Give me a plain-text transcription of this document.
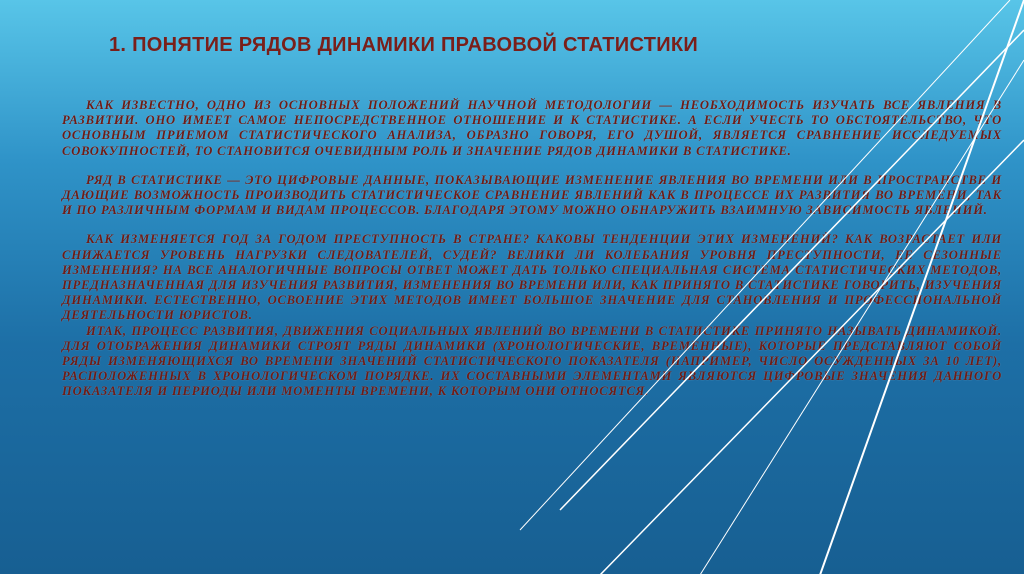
1. ПОНЯТИЕ РЯДОВ ДИНАМИКИ ПРАВОВОЙ СТАТИСТИКИ

КАК ИЗВЕСТНО, ОДНО ИЗ ОСНОВНЫХ ПОЛОЖЕНИЙ НАУЧНОЙ МЕТОДОЛОГИИ — НЕОБХОДИМОСТЬ ИЗУЧАТЬ ВСЕ ЯВЛЕНИЯ В РАЗВИТИИ. ОНО ИМЕЕТ САМОЕ НЕПОСРЕДСТВЕННОЕ ОТНОШЕНИЕ И К СТАТИСТИКЕ. А ЕСЛИ УЧЕСТЬ ТО ОБСТОЯТЕЛЬСТВО, ЧТО ОСНОВНЫМ ПРИЕМОМ СТАТИСТИЧЕСКОГО АНАЛИЗА, ОБРАЗНО ГОВОРЯ, ЕГО ДУШОЙ, ЯВЛЯЕТСЯ СРАВНЕНИЕ ИССЛЕДУЕМЫХ СОВОКУПНОСТЕЙ, ТО СТАНОВИТСЯ ОЧЕВИДНЫМ РОЛЬ И ЗНАЧЕНИЕ РЯДОВ ДИНАМИКИ В СТАТИСТИКЕ.

РЯД В СТАТИСТИКЕ — ЭТО ЦИФРОВЫЕ ДАННЫЕ, ПОКАЗЫВАЮЩИЕ ИЗМЕНЕНИЕ ЯВЛЕНИЯ ВО ВРЕМЕНИ ИЛИ В ПРОСТРАНСТВЕ И ДАЮЩИЕ ВОЗМОЖНОСТЬ ПРОИЗВОДИТЬ СТАТИСТИЧЕСКОЕ СРАВНЕНИЕ ЯВЛЕНИЙ КАК В ПРОЦЕССЕ ИХ РАЗВИТИЯ ВО ВРЕМЕНИ, ТАК И ПО РАЗЛИЧНЫМ ФОРМАМ И ВИДАМ ПРОЦЕССОВ. БЛАГОДАРЯ ЭТОМУ МОЖНО ОБНАРУЖИТЬ ВЗАИМНУЮ ЗАВИСИМОСТЬ ЯВЛЕНИЙ.

КАК ИЗМЕНЯЕТСЯ ГОД ЗА ГОДОМ ПРЕСТУПНОСТЬ В СТРАНЕ? КАКОВЫ ТЕНДЕНЦИИ ЭТИХ ИЗМЕНЕНИЙ? КАК ВОЗРАСТАЕТ ИЛИ СНИЖАЕТСЯ УРОВЕНЬ НАГРУЗКИ СЛЕДОВАТЕЛЕЙ, СУДЕЙ? ВЕЛИКИ ЛИ КОЛЕБАНИЯ УРОВНЯ ПРЕСТУПНОСТИ, ЕЕ СЕЗОННЫЕ ИЗМЕНЕНИЯ? НА ВСЕ АНАЛОГИЧНЫЕ ВОПРОСЫ ОТВЕТ МОЖЕТ ДАТЬ ТОЛЬКО СПЕЦИАЛЬНАЯ СИСТЕМА СТАТИСТИЧЕСКИХ МЕТОДОВ, ПРЕДНАЗНАЧЕННАЯ ДЛЯ ИЗУЧЕНИЯ РАЗВИТИЯ, ИЗМЕНЕНИЯ ВО ВРЕМЕНИ ИЛИ, КАК ПРИНЯТО В СТАТИСТИКЕ ГОВОРИТЬ, ИЗУЧЕНИЯ ДИНАМИКИ. ЕСТЕСТВЕННО, ОСВОЕНИЕ ЭТИХ МЕТОДОВ ИМЕЕТ БОЛЬШОЕ ЗНАЧЕНИЕ ДЛЯ СТАНОВЛЕНИЯ И ПРОФЕССИОНАЛЬНОЙ ДЕЯТЕЛЬНОСТИ ЮРИСТОВ.

ИТАК, ПРОЦЕСС РАЗВИТИЯ, ДВИЖЕНИЯ СОЦИАЛЬНЫХ ЯВЛЕНИЙ ВО ВРЕМЕНИ В СТАТИСТИКЕ ПРИНЯТО НАЗЫВАТЬ ДИНАМИКОЙ. ДЛЯ ОТОБРАЖЕНИЯ ДИНАМИКИ СТРОЯТ РЯДЫ ДИНАМИКИ (ХРОНОЛОГИЧЕСКИЕ, ВРЕМЕННЫЕ), КОТОРЫЕ ПРЕДСТАВЛЯЮТ СОБОЙ РЯДЫ ИЗМЕНЯЮЩИХСЯ ВО ВРЕМЕНИ ЗНАЧЕНИЙ СТАТИСТИЧЕСКОГО ПОКАЗАТЕЛЯ (НАПРИМЕР, ЧИСЛО ОСУЖДЕННЫХ ЗА 10 ЛЕТ), РАСПОЛОЖЕННЫХ В ХРОНОЛОГИЧЕСКОМ ПОРЯДКЕ. ИХ СОСТАВНЫМИ ЭЛЕМЕНТАМИ ЯВЛЯЮТСЯ ЦИФРОВЫЕ ЗНАЧЕНИЯ ДАННОГО ПОКАЗАТЕЛЯ И ПЕРИОДЫ ИЛИ МОМЕНТЫ ВРЕМЕНИ, К КОТОРЫМ ОНИ ОТНОСЯТСЯ.
